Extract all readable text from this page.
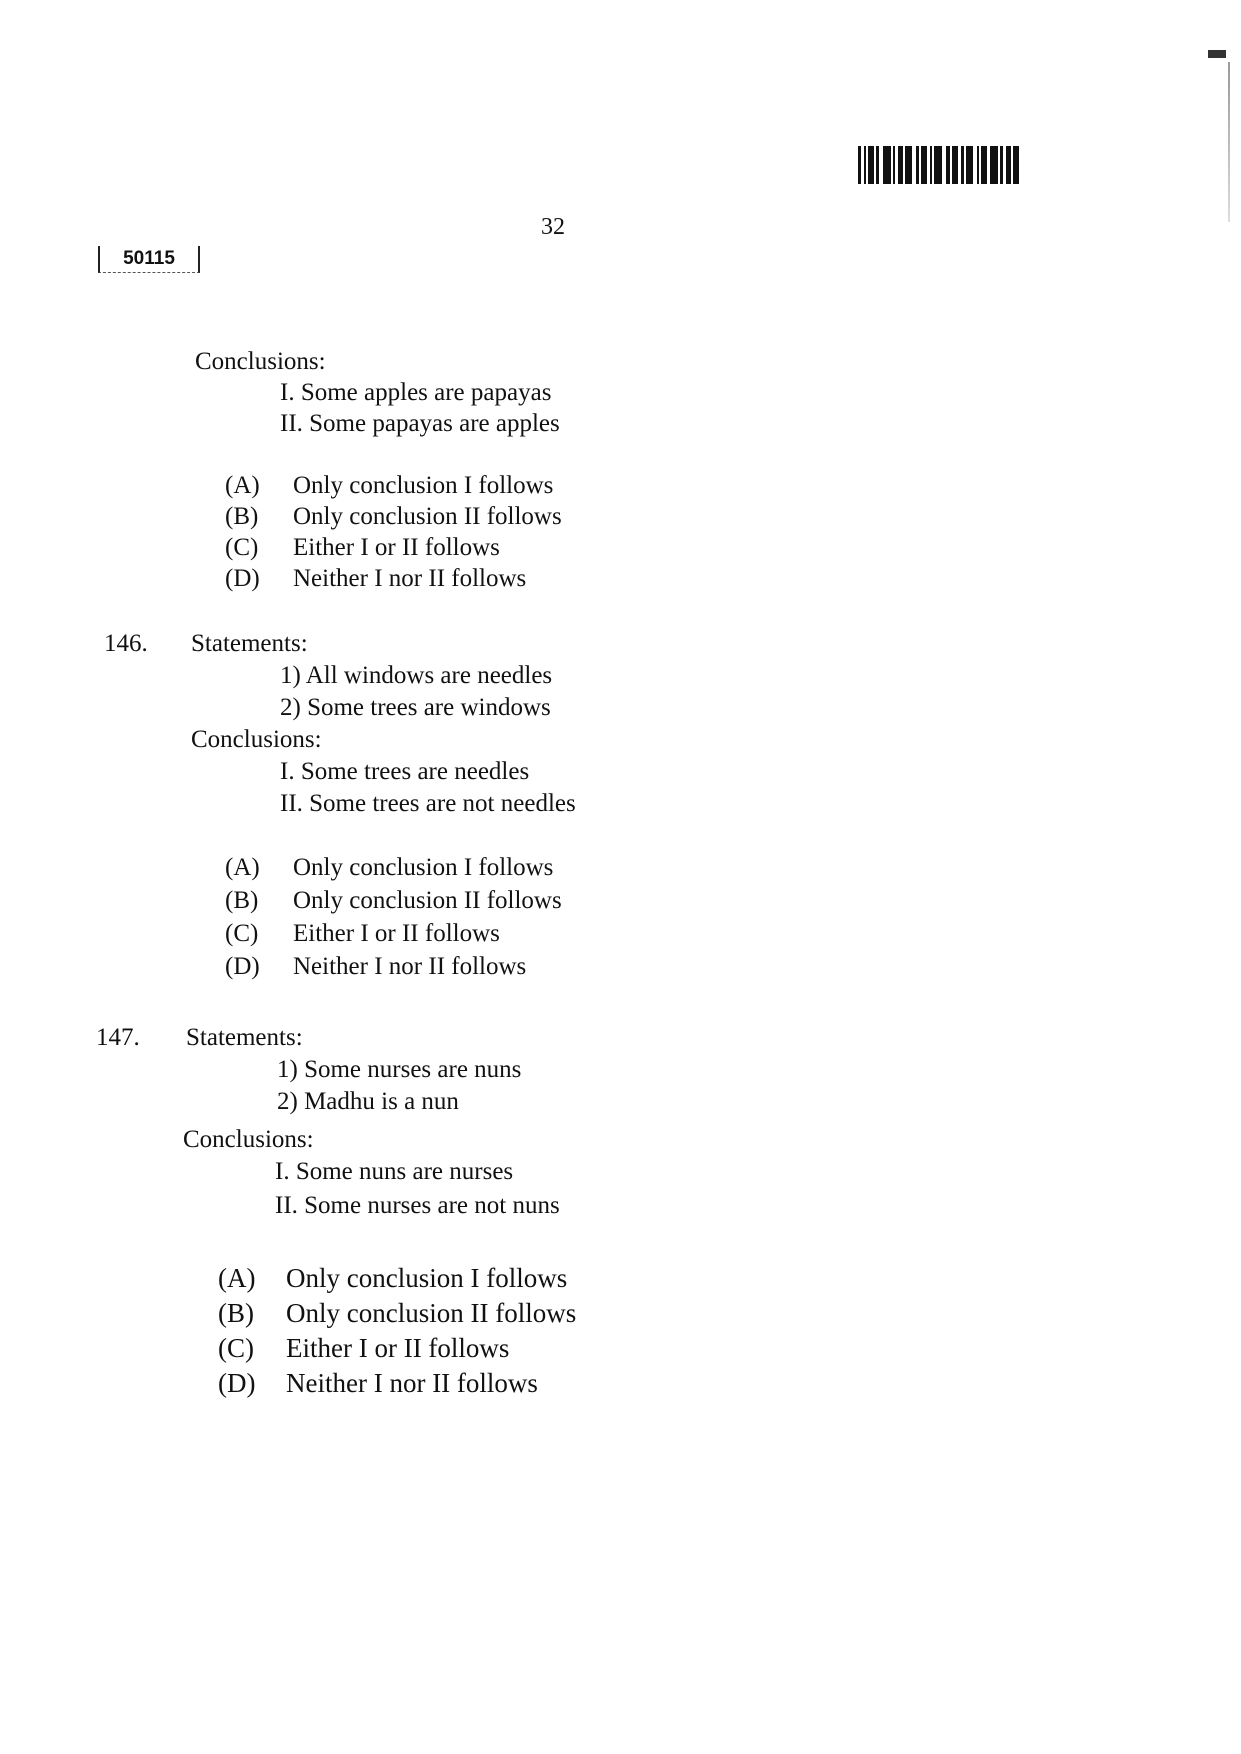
32
50115
Conclusions:
I. Some apples are papayas
II. Some papayas are apples
(A) Only conclusion I follows
(B) Only conclusion II follows
(C) Either I or II follows
(D) Neither I nor II follows
146. Statements:
1) All windows are needles
2) Some trees are windows
Conclusions:
I. Some trees are needles
II. Some trees are not needles
(A) Only conclusion I follows
(B) Only conclusion II follows
(C) Either I or II follows
(D) Neither I nor II follows
147. Statements:
1) Some nurses are nuns
2) Madhu is a nun
Conclusions:
I. Some nuns are nurses
II. Some nurses are not nuns
(A) Only conclusion I follows
(B) Only conclusion II follows
(C) Either I or II follows
(D) Neither I nor II follows
